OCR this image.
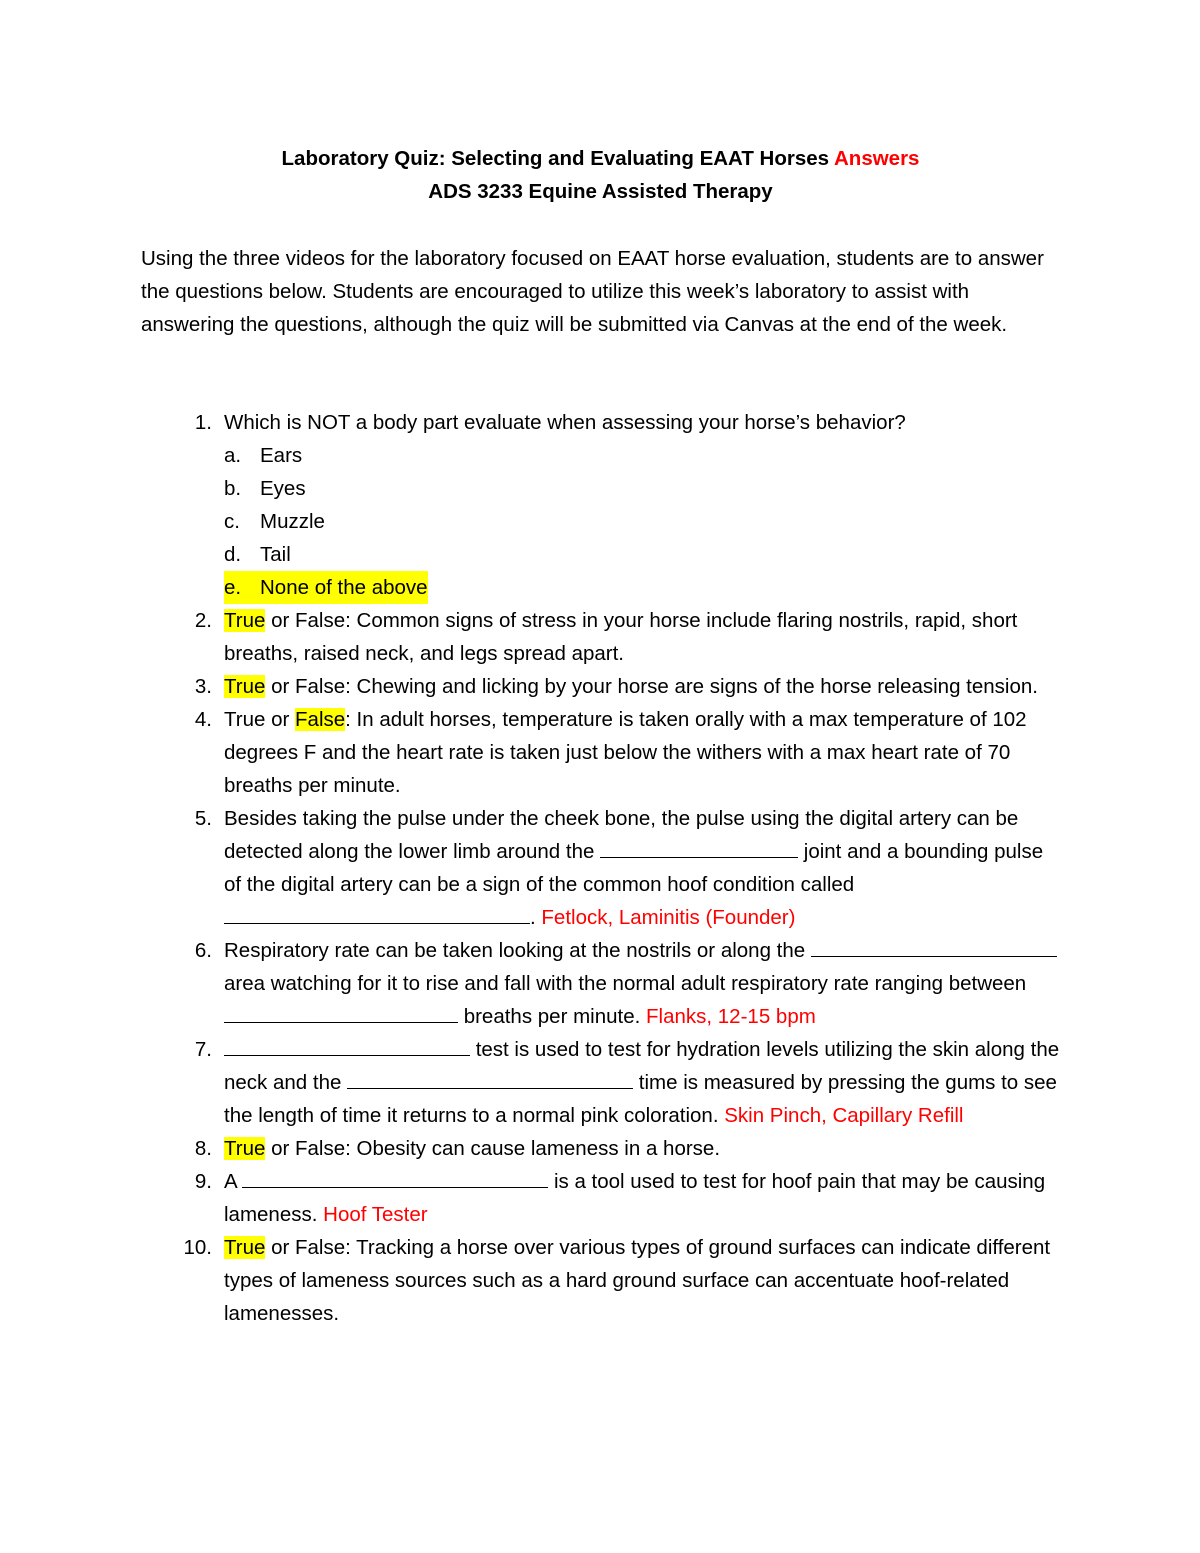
Laboratory Quiz: Selecting and Evaluating EAAT Horses Answers

ADS 3233 Equine Assisted Therapy

Using the three videos for the laboratory focused on EAAT horse evaluation, students are to answer the questions below. Students are encouraged to utilize this week’s laboratory to assist with answering the questions, although the quiz will be submitted via Canvas at the end of the week.

1. Which is NOT a body part evaluate when assessing your horse’s behavior?
a. Ears
b. Eyes
c. Muzzle
d. Tail
e. None of the above
2. True or False: Common signs of stress in your horse include flaring nostrils, rapid, short breaths, raised neck, and legs spread apart.
3. True or False: Chewing and licking by your horse are signs of the horse releasing tension.
4. True or False: In adult horses, temperature is taken orally with a max temperature of 102 degrees F and the heart rate is taken just below the withers with a max heart rate of 70 breaths per minute.
5. Besides taking the pulse under the cheek bone, the pulse using the digital artery can be detected along the lower limb around the	joint and a bounding pulse of the digital artery can be a sign of the common hoof condition called . Fetlock, Laminitis (Founder)
6. Respiratory rate can be taken looking at the nostrils or along the  area watching for it to rise and fall with the normal adult respiratory rate ranging between  breaths per minute. Flanks, 12-15 bpm
7.	test is used to test for hydration levels utilizing the skin along the neck and the	time is measured by pressing the gums to see the length of time it returns to a normal pink coloration. Skin Pinch, Capillary Refill
8. True or False: Obesity can cause lameness in a horse.
9. A	is a tool used to test for hoof pain that may be causing lameness. Hoof Tester
10. True or False: Tracking a horse over various types of ground surfaces can indicate different types of lameness sources such as a hard ground surface can accentuate hoof-related lamenesses.
